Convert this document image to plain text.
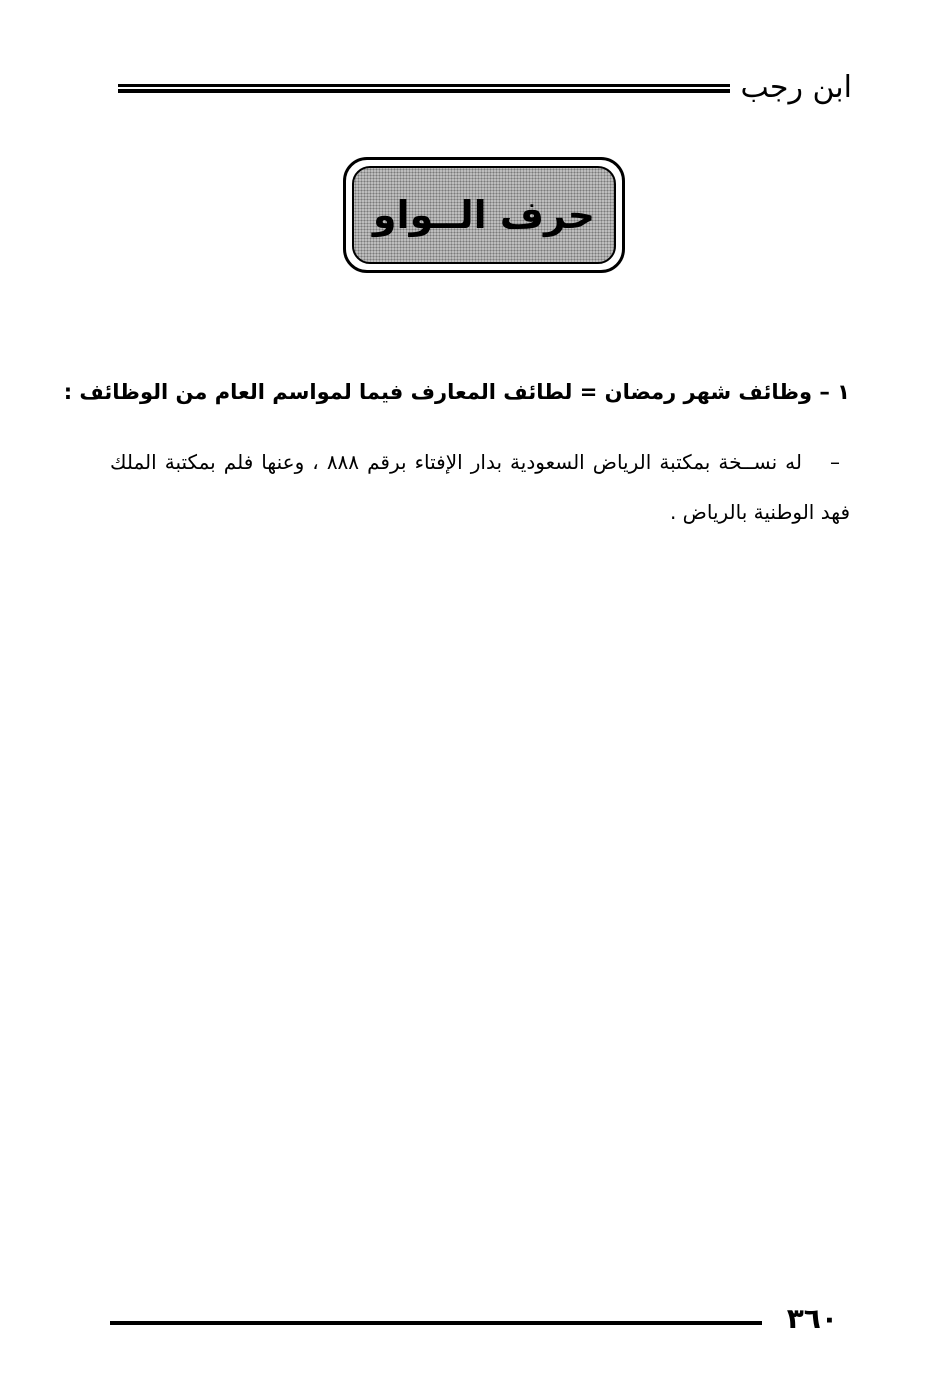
ابن رجب
حرف الــواو
١ – وظائف شهر رمضان = لطائف المعارف فيما لمواسم العام من الوظائف :
–له نســخة بمكتبة الرياض السعودية بدار الإفتاء برقم ٨٨٨ ، وعنها فلم بمكتبة الملك فهد الوطنية بالرياض .
٣٦٠
